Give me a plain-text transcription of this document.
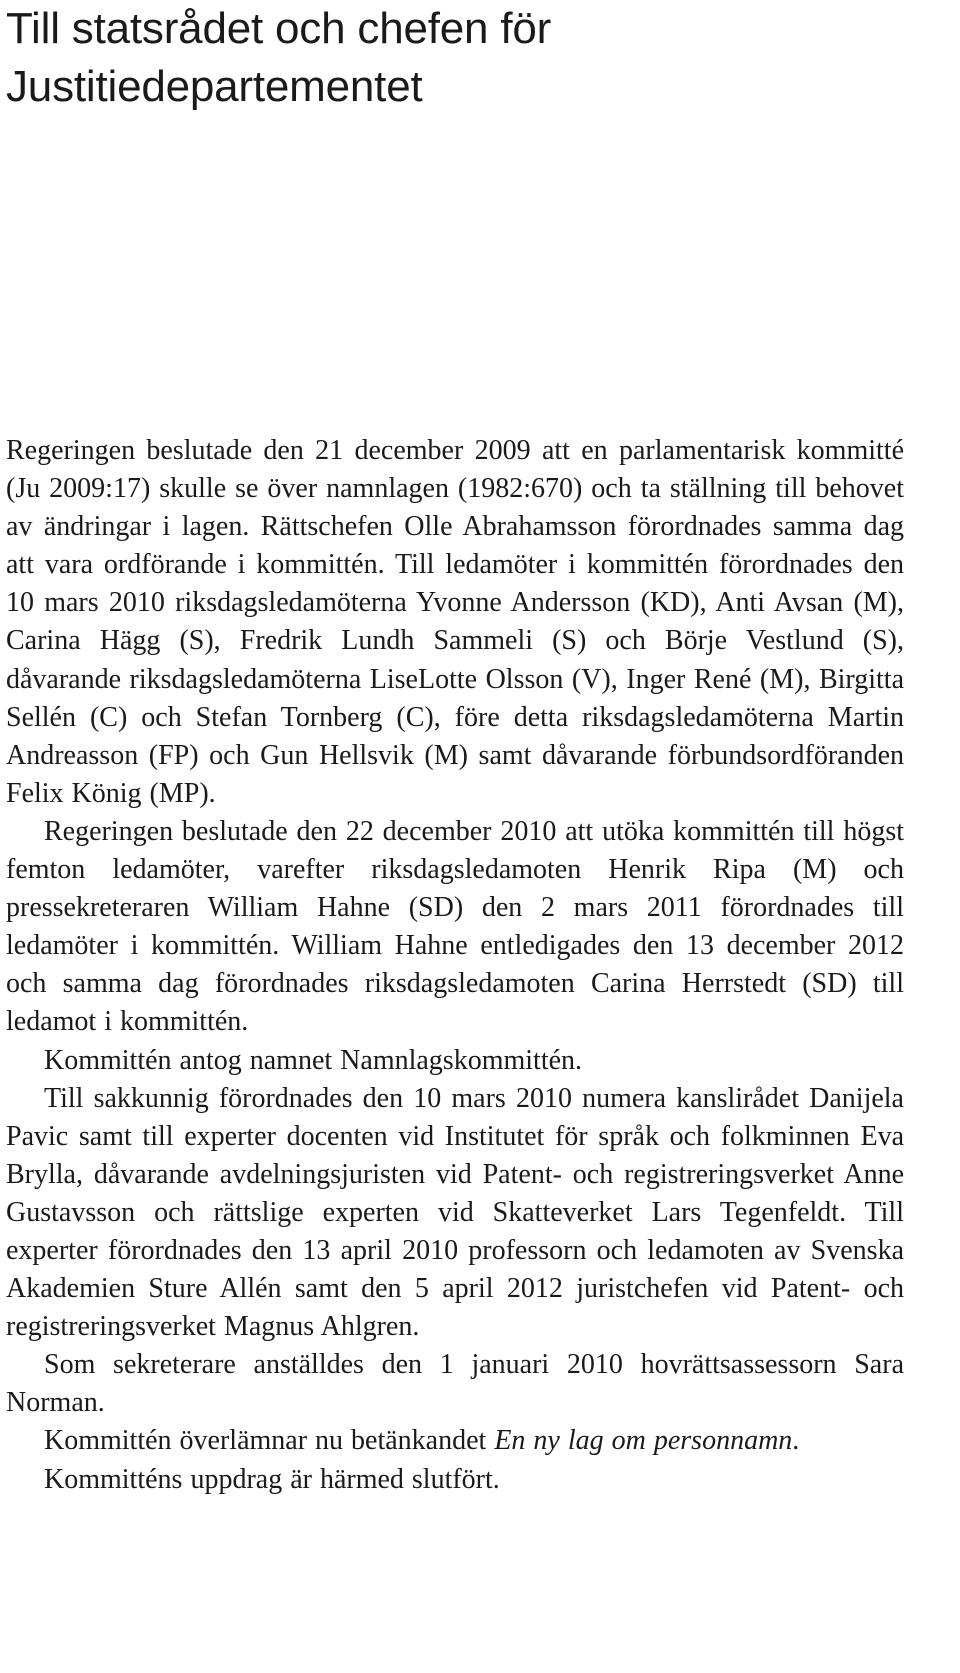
Till statsrådet och chefen för
Justitiedepartementet

Regeringen beslutade den 21 december 2009 att en parlamentarisk kommitté (Ju 2009:17) skulle se över namnlagen (1982:670) och ta ställning till behovet av ändringar i lagen. Rättschefen Olle Abrahamsson förordnades samma dag att vara ordförande i kommittén. Till ledamöter i kommittén förordnades den 10 mars 2010 riksdagsledamöterna Yvonne Andersson (KD), Anti Avsan (M), Carina Hägg (S), Fredrik Lundh Sammeli (S) och Börje Vestlund (S), dåvarande riksdagsledamöterna LiseLotte Olsson (V), Inger René (M), Birgitta Sellén (C) och Stefan Tornberg (C), före detta riksdagsledamöterna Martin Andreasson (FP) och Gun Hellsvik (M) samt dåvarande förbundsordföranden Felix König (MP).

Regeringen beslutade den 22 december 2010 att utöka kommittén till högst femton ledamöter, varefter riksdagsledamoten Henrik Ripa (M) och pressekreteraren William Hahne (SD) den 2 mars 2011 förordnades till ledamöter i kommittén. William Hahne entledigades den 13 december 2012 och samma dag förordnades riksdagsledamoten Carina Herrstedt (SD) till ledamot i kommittén.

Kommittén antog namnet Namnlagskommittén.

Till sakkunnig förordnades den 10 mars 2010 numera kanslirådet Danijela Pavic samt till experter docenten vid Institutet för språk och folkminnen Eva Brylla, dåvarande avdelningsjuristen vid Patent- och registreringsverket Anne Gustavsson och rättslige experten vid Skatteverket Lars Tegenfeldt. Till experter förordnades den 13 april 2010 professorn och ledamoten av Svenska Akademien Sture Allén samt den 5 april 2012 juristchefen vid Patent- och registreringsverket Magnus Ahlgren.

Som sekreterare anställdes den 1 januari 2010 hovrättsassessorn Sara Norman.

Kommittén överlämnar nu betänkandet En ny lag om personnamn.

Kommitténs uppdrag är härmed slutfört.
